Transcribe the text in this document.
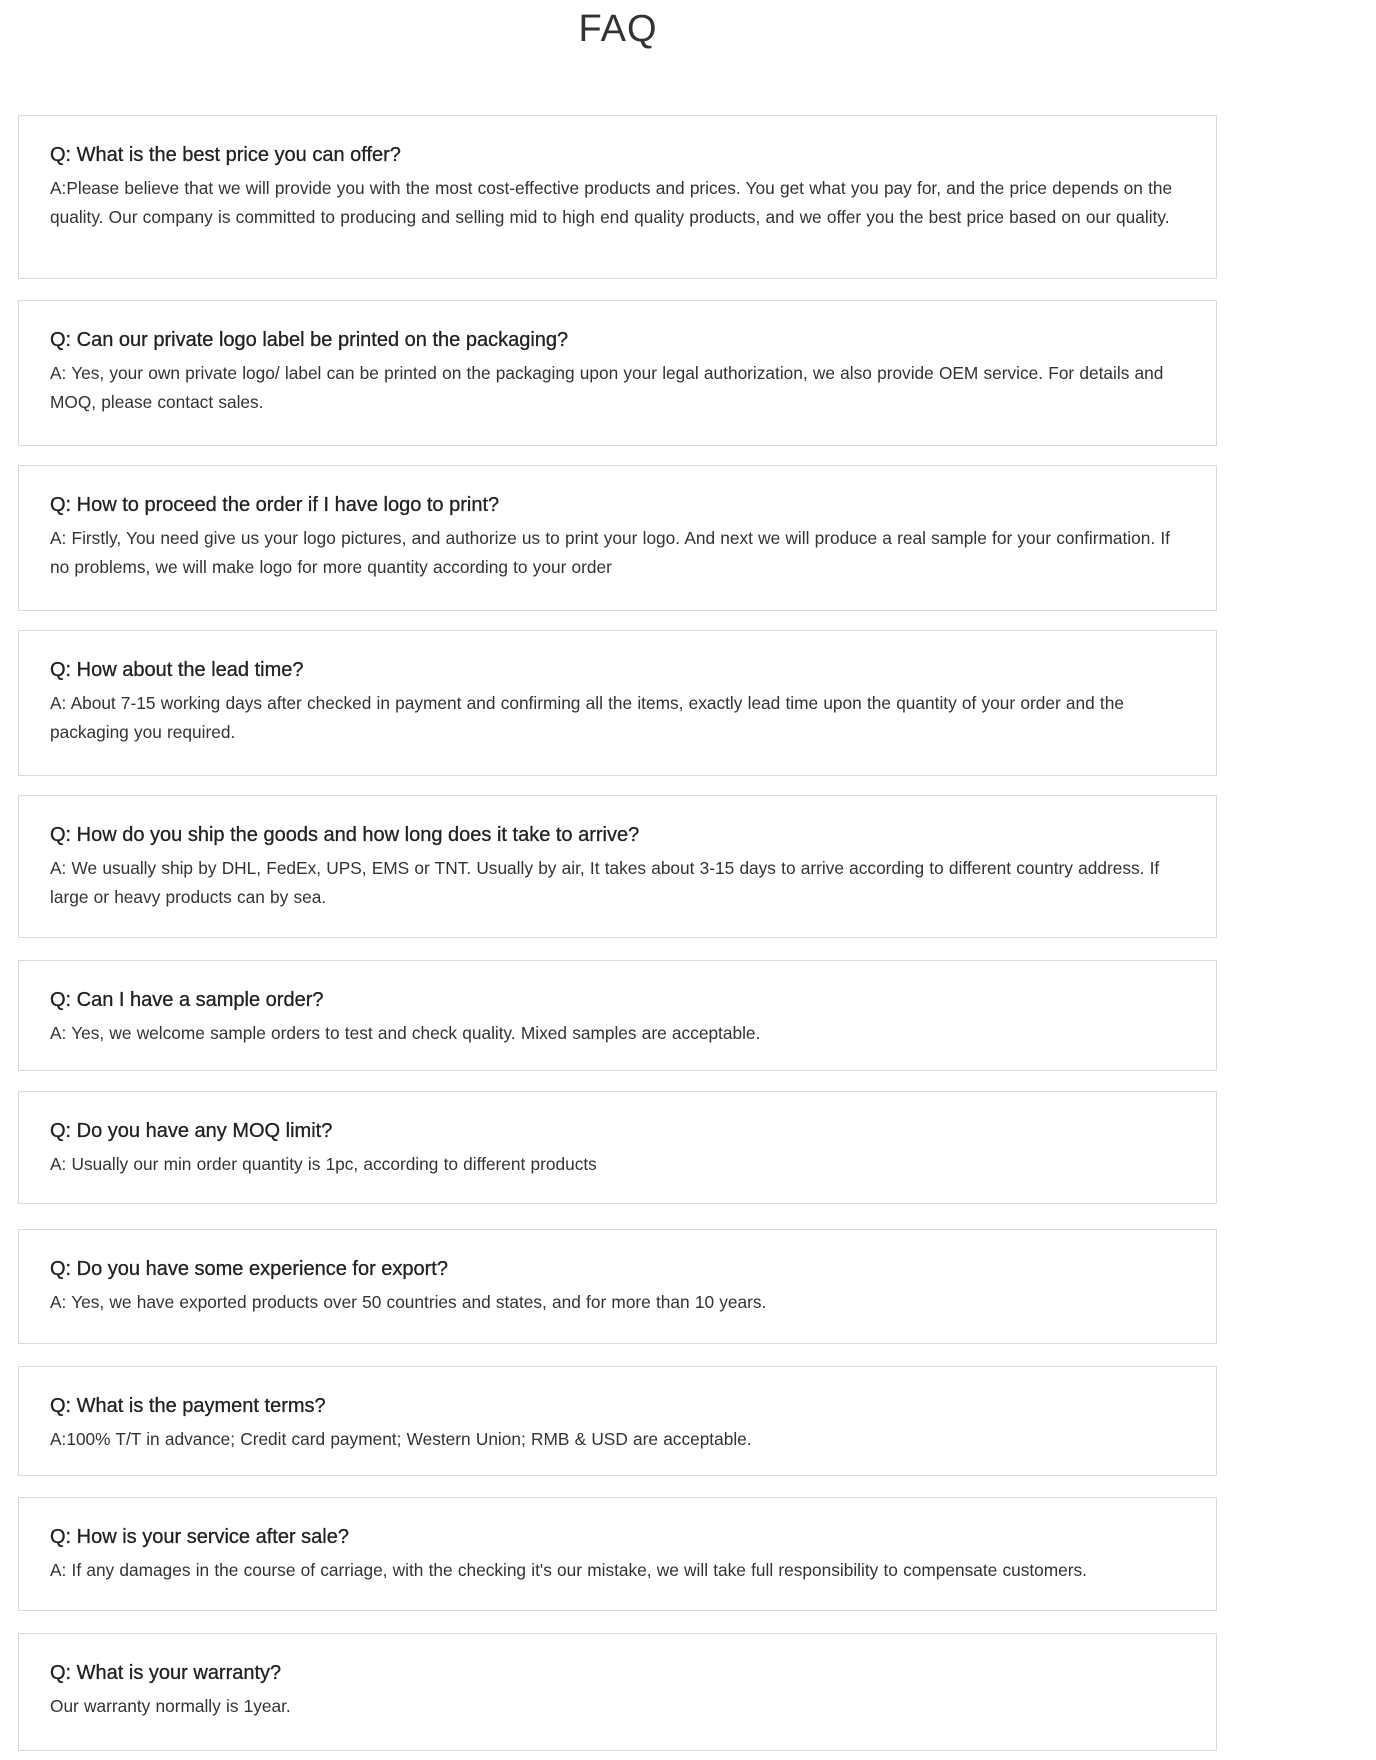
FAQ
Q: What is the best price you can offer?
A:Please believe that we will provide you with the most cost-effective products and prices. You get what you pay for, and the price depends on the quality. Our company is committed to producing and selling mid to high end quality products, and we offer you the best price based on our quality.
Q: Can our private logo label be printed on the packaging?
A: Yes, your own private logo/ label can be printed on the packaging upon your legal authorization, we also provide OEM service. For details and MOQ, please contact sales.
Q: How to proceed the order if I have logo to print?
A: Firstly, You need give us your logo pictures, and authorize us to print your logo. And next we will produce a real sample for your confirmation. If no problems, we will make logo for more quantity according to your order
Q: How about the lead time?
A: About 7-15 working days after checked in payment and confirming all the items, exactly lead time upon the quantity of your order and the packaging you required.
Q: How do you ship the goods and how long does it take to arrive?
A: We usually ship by DHL, FedEx, UPS, EMS or TNT. Usually by air, It takes about 3-15 days to arrive according to different country address. If large or heavy products can by sea.
Q: Can I have a sample order?
A: Yes, we welcome sample orders to test and check quality. Mixed samples are acceptable.
Q: Do you have any MOQ limit?
A: Usually our min order quantity is 1pc, according to different products
Q: Do you have some experience for export?
A: Yes, we have exported products over 50 countries and states, and for more than 10 years.
Q: What is the payment terms?
A:100% T/T in advance; Credit card payment; Western Union; RMB & USD are acceptable.
Q: How is your service after sale?
A: If any damages in the course of carriage, with the checking it's our mistake, we will take full responsibility to compensate customers.
Q: What is your warranty?
Our warranty normally is 1year.
